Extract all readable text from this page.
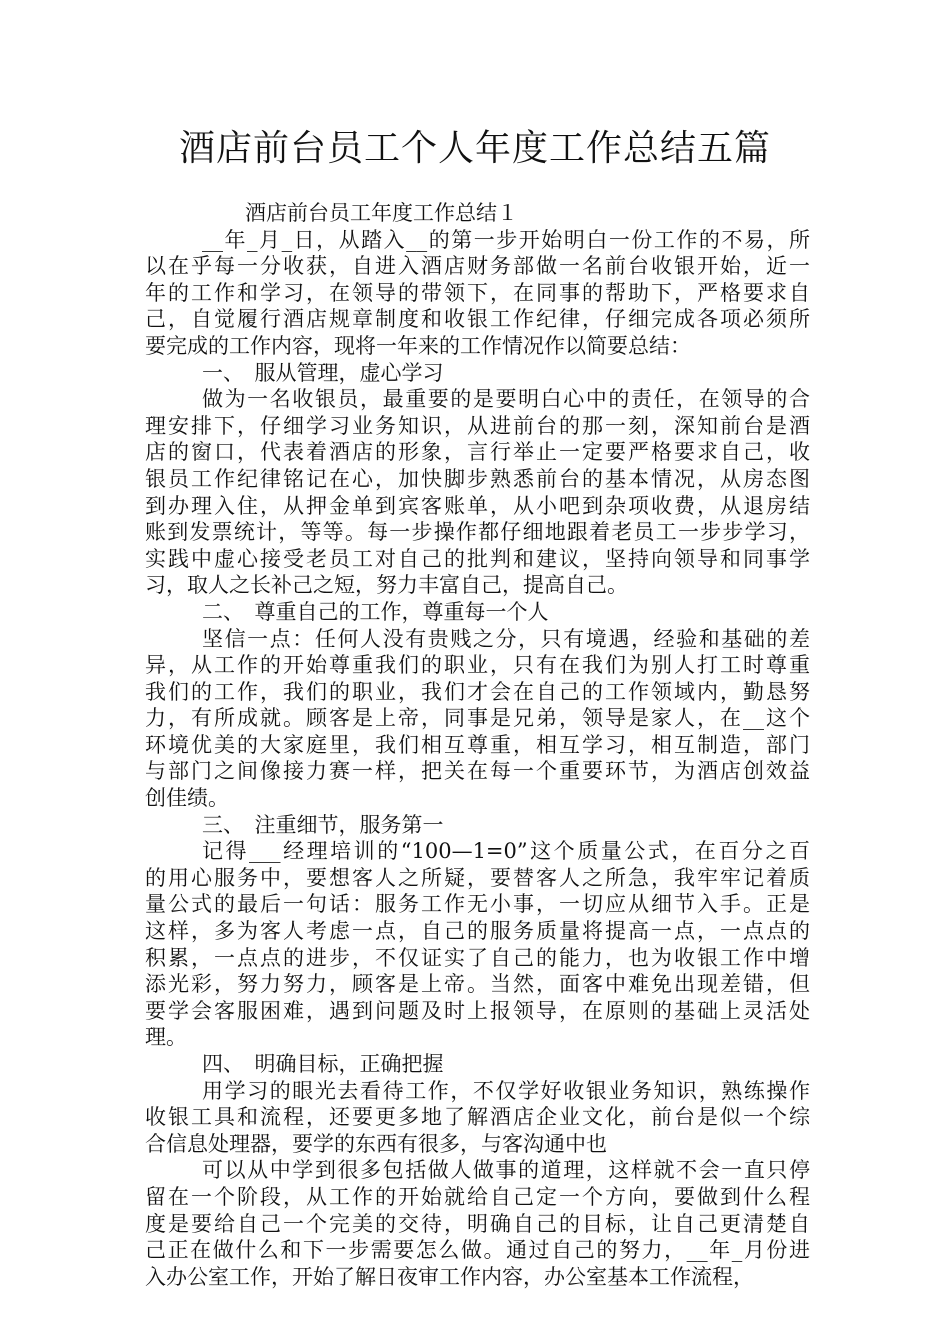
酒店前台员工个人年度工作总结五篇
酒店前台员工年度工作总结１
__年_月_日，从踏入__的第一步开始明白一份工作的不易，所
以在乎每一分收获，自进入酒店财务部做一名前台收银开始，近一
年的工作和学习，在领导的带领下，在同事的帮助下，严格要求自
己，自觉履行酒店规章制度和收银工作纪律，仔细完成各项必须所
要完成的工作内容，现将一年来的工作情况作以简要总结：
一、　服从管理，虚心学习
做为一名收银员，最重要的是要明白心中的责任，在领导的合
理安排下，仔细学习业务知识，从进前台的那一刻，深知前台是酒
店的窗口，代表着酒店的形象，言行举止一定要严格要求自己，收
银员工作纪律铭记在心，加快脚步熟悉前台的基本情况，从房态图
到办理入住，从押金单到宾客账单，从小吧到杂项收费，从退房结
账到发票统计，等等。每一步操作都仔细地跟着老员工一步步学习，
实践中虚心接受老员工对自己的批判和建议，坚持向领导和同事学
习，取人之长补己之短，努力丰富自己，提高自己。
二、　尊重自己的工作，尊重每一个人
坚信一点：任何人没有贵贱之分，只有境遇，经验和基础的差
异，从工作的开始尊重我们的职业，只有在我们为别人打工时尊重
我们的工作，我们的职业，我们才会在自己的工作领域内，勤恳努
力，有所成就。顾客是上帝，同事是兄弟，领导是家人，在__这个
环境优美的大家庭里，我们相互尊重，相互学习，相互制造，部门
与部门之间像接力赛一样，把关在每一个重要环节，为酒店创效益
创佳绩。
三、　注重细节，服务第一
记得___经理培训的“100—1=0”这个质量公式，在百分之百
的用心服务中，要想客人之所疑，要替客人之所急，我牢牢记着质
量公式的最后一句话：服务工作无小事，一切应从细节入手。正是
这样，多为客人考虑一点，自己的服务质量将提高一点，一点点的
积累，一点点的进步，不仅证实了自己的能力，也为收银工作中增
添光彩，努力努力，顾客是上帝。当然，面客中难免出现差错，但
要学会客服困难，遇到问题及时上报领导，在原则的基础上灵活处
理。
四、　明确目标，正确把握
用学习的眼光去看待工作，不仅学好收银业务知识，熟练操作
收银工具和流程，还要更多地了解酒店企业文化，前台是似一个综
合信息处理器，要学的东西有很多，与客沟通中也
可以从中学到很多包括做人做事的道理，这样就不会一直只停
留在一个阶段，从工作的开始就给自己定一个方向，要做到什么程
度是要给自己一个完美的交待，明确自己的目标，让自己更清楚自
己正在做什么和下一步需要怎么做。通过自己的努力，__年_月份进
入办公室工作，开始了解日夜审工作内容，办公室基本工作流程，
